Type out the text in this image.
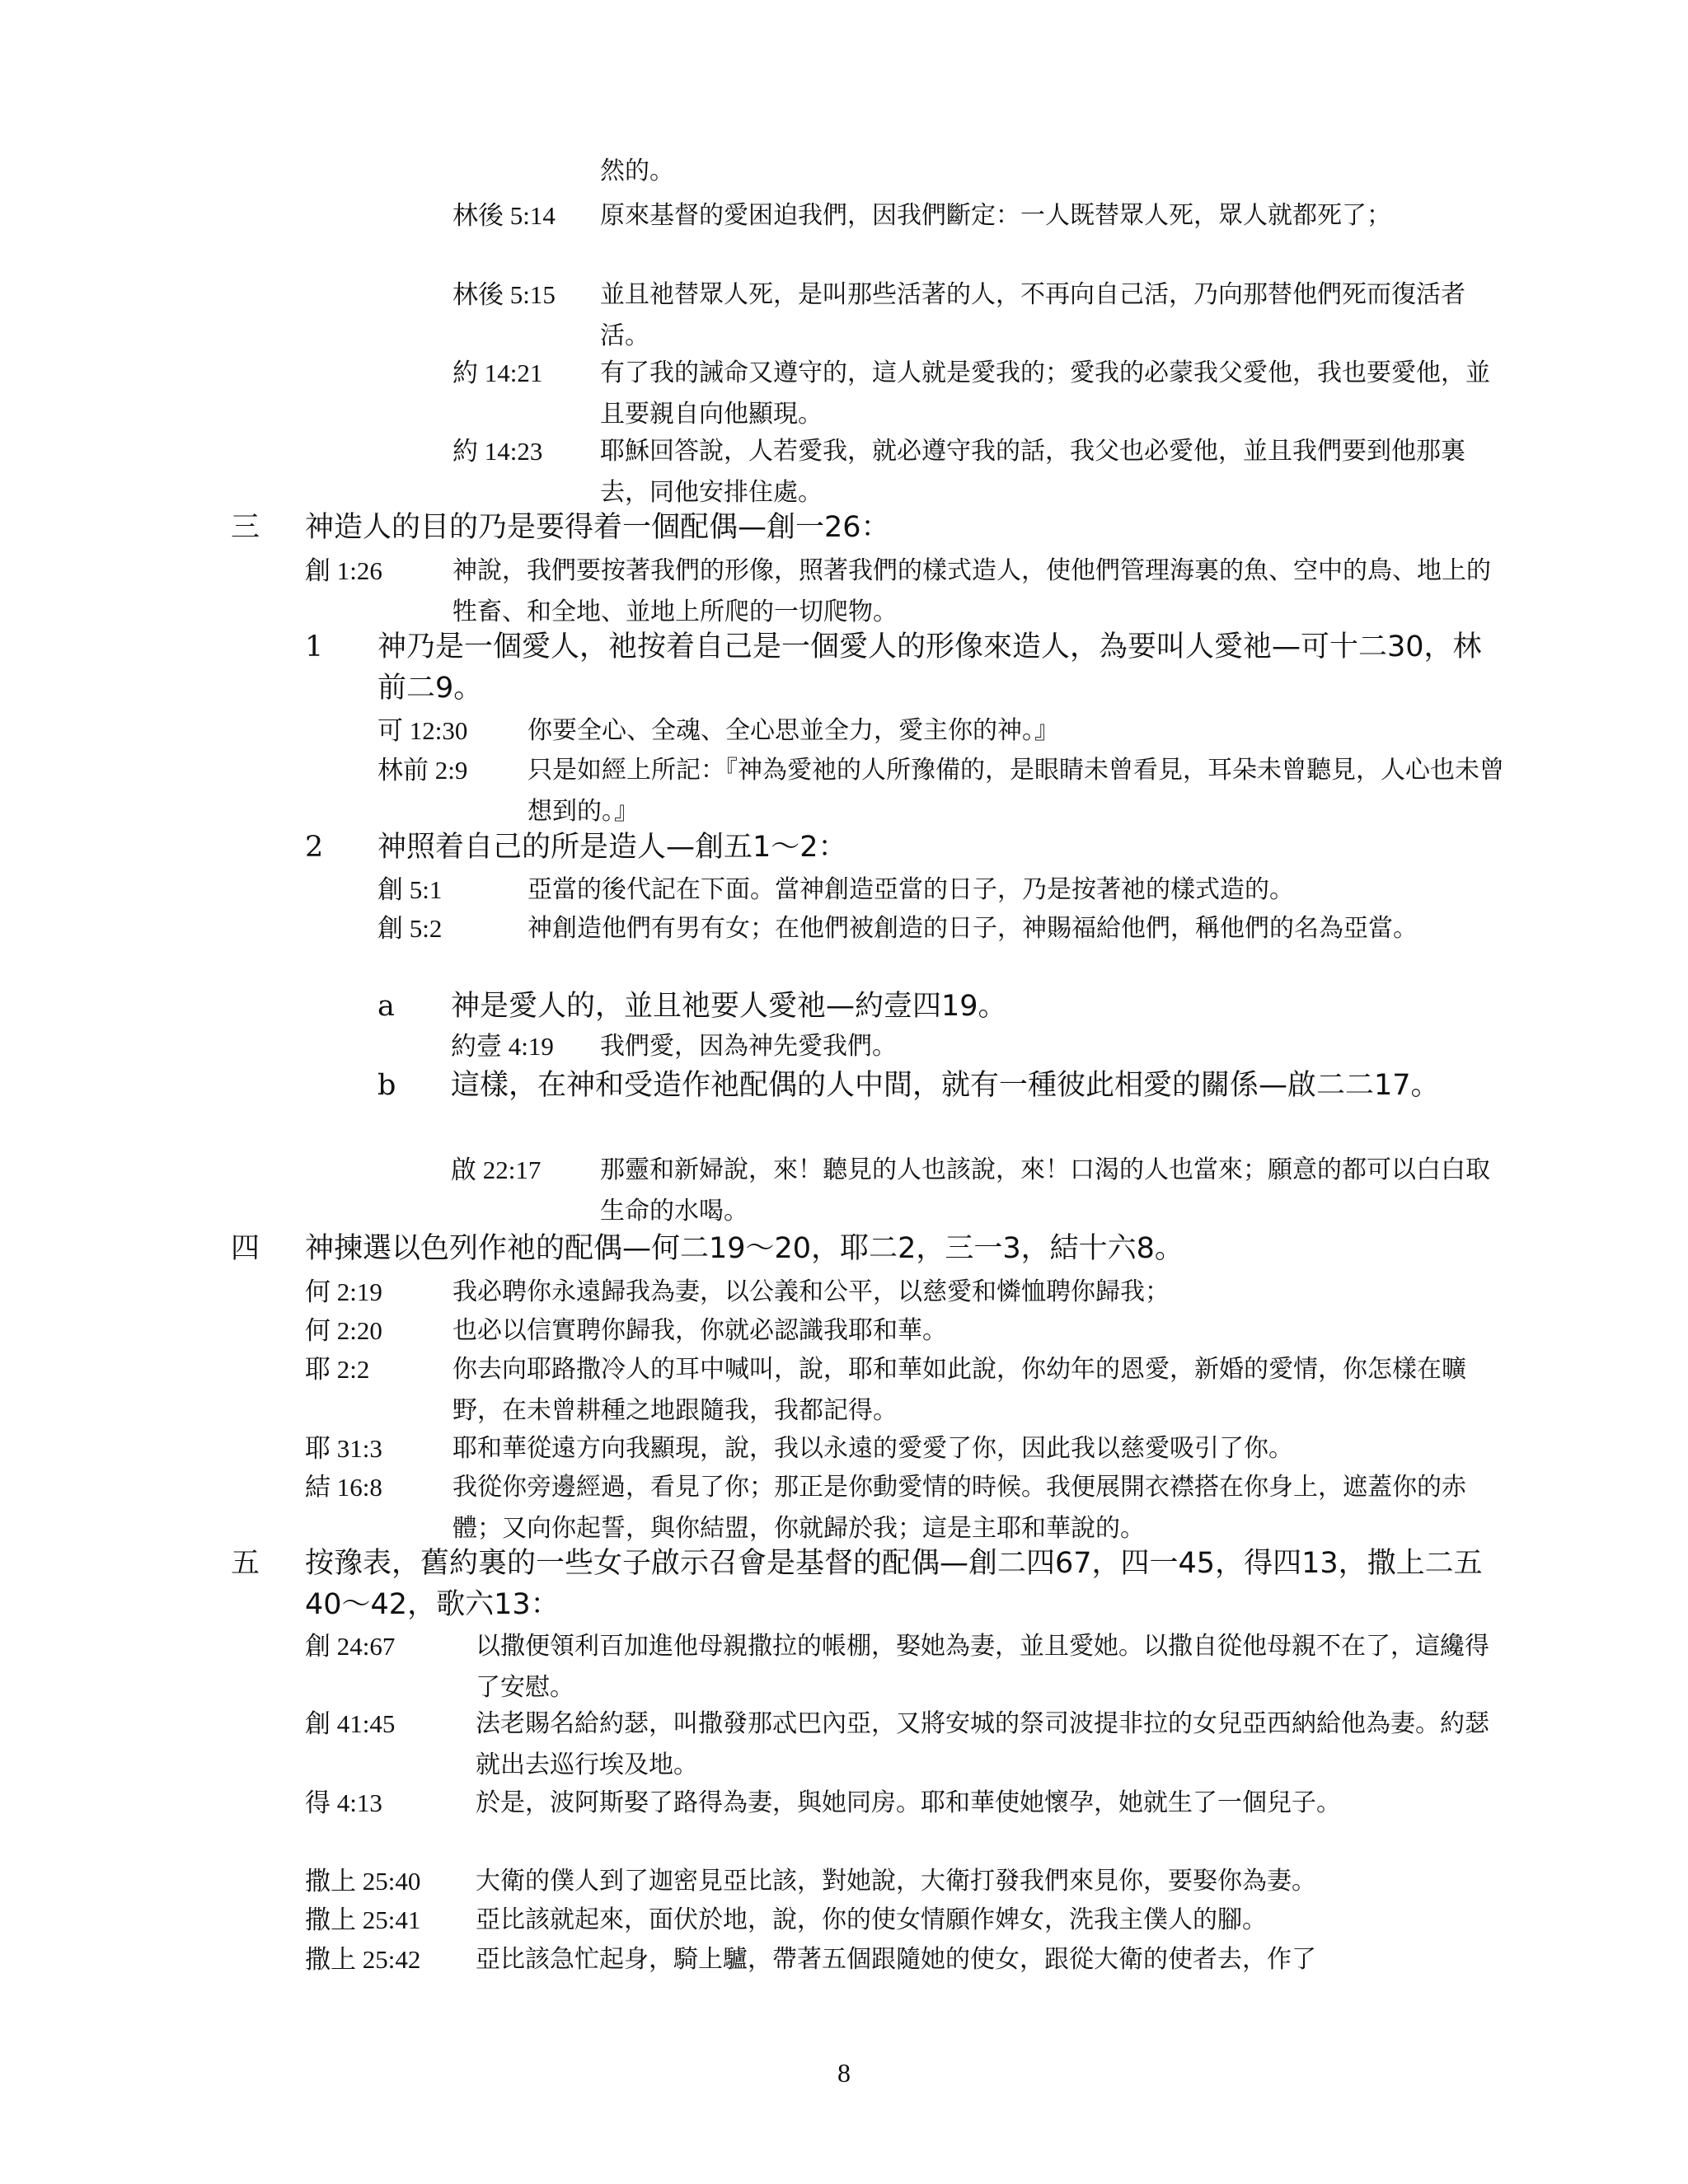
然的。
林後 5:14 原來基督的愛困迫我們，因我們斷定：一人既替眾人死，眾人就都死了；
林後 5:15 並且祂替眾人死，是叫那些活著的人，不再向自己活，乃向那替他們死而復活者活。
約 14:21 有了我的誡命又遵守的，這人就是愛我的；愛我的必蒙我父愛他，我也要愛他，並且要親自向他顯現。
約 14:23 耶穌回答說，人若愛我，就必遵守我的話，我父也必愛他，並且我們要到他那裏去，同他安排住處。
三 神造人的目的乃是要得着一個配偶—創一26：
創 1:26	神說，我們要按著我們的形像，照著我們的樣式造人，使他們管理海裏的魚、空中的鳥、地上的牲畜、和全地、並地上所爬的一切爬物。
1 神乃是一個愛人，祂按着自己是一個愛人的形像來造人，為要叫人愛祂—可十二30，林前二9。
可 12:30 你要全心、全魂、全心思並全力，愛主你的神。』
林前 2:9 只是如經上所記：『神為愛祂的人所豫備的，是眼睛未曾看見，耳朵未曾聽見，人心也未曾想到的。』
2 神照着自己的所是造人—創五1～2：
創 5:1	亞當的後代記在下面。當神創造亞當的日子，乃是按著祂的樣式造的。
創 5:2	神創造他們有男有女；在他們被創造的日子，神賜福給他們，稱他們的名為亞當。
a 神是愛人的，並且祂要人愛祂—約壹四19。
約壹 4:19 我們愛，因為神先愛我們。
b 這樣，在神和受造作祂配偶的人中間，就有一種彼此相愛的關係—啟二二17。
啟 22:17 那靈和新婦說，來！聽見的人也該說，來！口渴的人也當來；願意的都可以白白取生命的水喝。
四 神揀選以色列作祂的配偶—何二19～20，耶二2，三一3，結十六8。
何 2:19	我必聘你永遠歸我為妻，以公義和公平，以慈愛和憐恤聘你歸我；
何 2:20	也必以信實聘你歸我，你就必認識我耶和華。
耶 2:2	你去向耶路撒冷人的耳中喊叫，說，耶和華如此說，你幼年的恩愛，新婚的愛情，你怎樣在曠野，在未曾耕種之地跟隨我，我都記得。
耶 31:3	耶和華從遠方向我顯現，說，我以永遠的愛愛了你，因此我以慈愛吸引了你。
結 16:8	我從你旁邊經過，看見了你；那正是你動愛情的時候。我便展開衣襟搭在你身上，遮蓋你的赤體；又向你起誓，與你結盟，你就歸於我；這是主耶和華說的。
五 按豫表，舊約裏的一些女子啟示召會是基督的配偶—創二四67，四一45，得四13，撒上二五40～42，歌六13：
創 24:67	以撒便領利百加進他母親撒拉的帳棚，娶她為妻，並且愛她。以撒自從他母親不在了，這纔得了安慰。
創 41:45	法老賜名給約瑟，叫撒發那忒巴內亞，又將安城的祭司波提非拉的女兒亞西納給他為妻。約瑟就出去巡行埃及地。
得 4:13	於是，波阿斯娶了路得為妻，與她同房。耶和華使她懷孕，她就生了一個兒子。
撒上 25:40 大衛的僕人到了迦密見亞比該，對她說，大衛打發我們來見你，要娶你為妻。
撒上 25:41 亞比該就起來，面伏於地，說，你的使女情願作婢女，洗我主僕人的腳。
撒上 25:42 亞比該急忙起身，騎上驢，帶著五個跟隨她的使女，跟從大衛的使者去，作了
8
